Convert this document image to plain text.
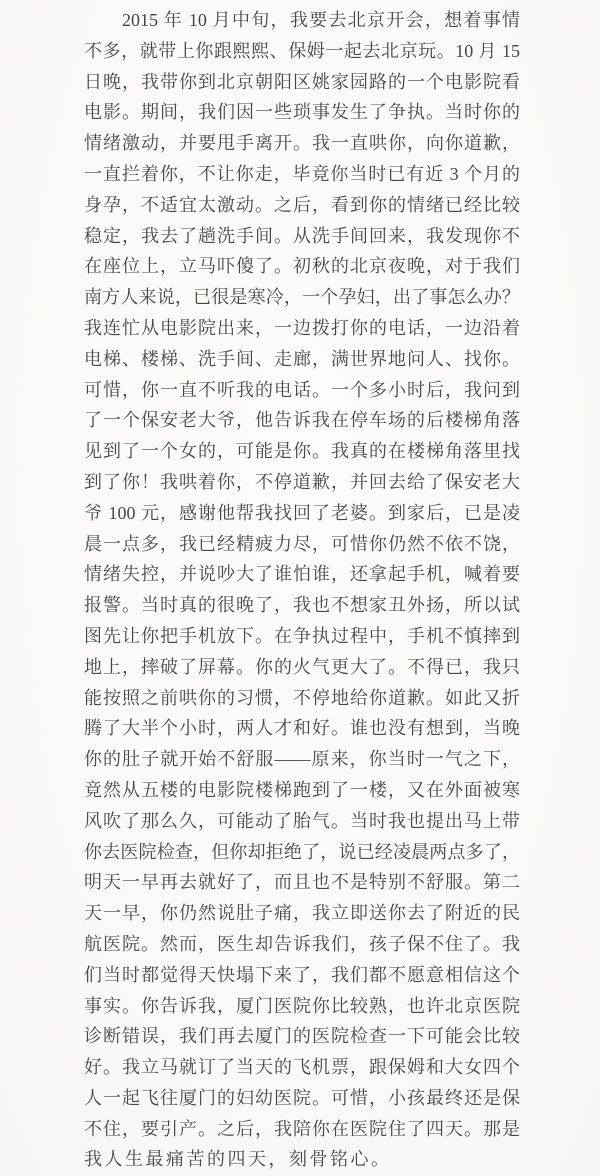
2015 年 10 月中旬，我要去北京开会，想着事情
不多，就带上你跟熙熙、保姆一起去北京玩。10 月 15
日晚，我带你到北京朝阳区姚家园路的一个电影院看
电影。期间，我们因一些琐事发生了争执。当时你的
情绪激动，并要甩手离开。我一直哄你，向你道歉，
一直拦着你，不让你走，毕竟你当时已有近 3 个月的
身孕，不适宜太激动。之后，看到你的情绪已经比较
稳定，我去了趟洗手间。从洗手间回来，我发现你不
在座位上，立马吓傻了。初秋的北京夜晚，对于我们
南方人来说，已很是寒冷，一个孕妇，出了事怎么办？
我连忙从电影院出来，一边拨打你的电话，一边沿着
电梯、楼梯、洗手间、走廊，满世界地问人、找你。
可惜，你一直不听我的电话。一个多小时后，我问到
了一个保安老大爷，他告诉我在停车场的后楼梯角落
见到了一个女的，可能是你。我真的在楼梯角落里找
到了你！我哄着你，不停道歉，并回去给了保安老大
爷 100 元，感谢他帮我找回了老婆。到家后，已是凌
晨一点多，我已经精疲力尽，可惜你仍然不依不饶，
情绪失控，并说吵大了谁怕谁，还拿起手机，喊着要
报警。当时真的很晚了，我也不想家丑外扬，所以试
图先让你把手机放下。在争执过程中，手机不慎摔到
地上，摔破了屏幕。你的火气更大了。不得已，我只
能按照之前哄你的习惯，不停地给你道歉。如此又折
腾了大半个小时，两人才和好。谁也没有想到，当晚
你的肚子就开始不舒服——原来，你当时一气之下，
竟然从五楼的电影院楼梯跑到了一楼，又在外面被寒
风吹了那么久，可能动了胎气。当时我也提出马上带
你去医院检查，但你却拒绝了，说已经凌晨两点多了，
明天一早再去就好了，而且也不是特别不舒服。第二
天一早，你仍然说肚子痛，我立即送你去了附近的民
航医院。然而，医生却告诉我们，孩子保不住了。我
们当时都觉得天快塌下来了，我们都不愿意相信这个
事实。你告诉我，厦门医院你比较熟，也许北京医院
诊断错误，我们再去厦门的医院检查一下可能会比较
好。我立马就订了当天的飞机票，跟保姆和大女四个
人一起飞往厦门的妇幼医院。可惜，小孩最终还是保
不住，要引产。之后，我陪你在医院住了四天。那是
我人生最痛苦的四天，刻骨铭心。
